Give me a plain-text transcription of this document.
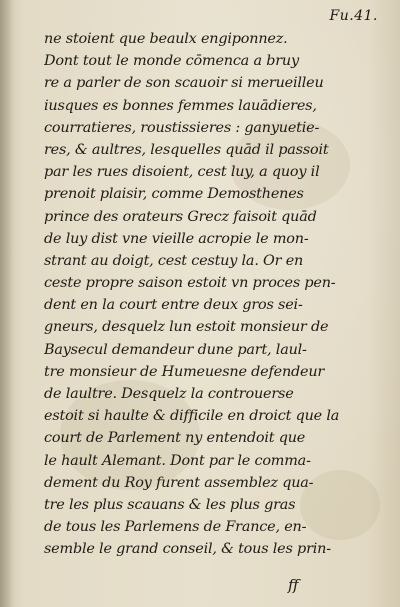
Fu.41.
ne stoient que beaulx engiponnez.
Dont tout le monde cōmenca a bruy
re a parler de son scauoir si merueilleu
iusques es bonnes femmes lauādieres,
courratieres, roustissieres : ganyuetie-
res, & aultres, lesquelles quād il passoit
par les rues disoient, cest luy, a quoy il
prenoit plaisir, comme Demosthenes
prince des orateurs Grecz faisoit quād
de luy dist vne vieille acropie le mon-
strant au doigt, cest cestuy la. Or en
ceste propre saison estoit vn proces pen-
dent en la court entre deux gros sei-
gneurs, desquelz lun estoit monsieur de
Baysecul demandeur dune part, laul-
tre monsieur de Humeuesne defendeur
de laultre. Desquelz la controuerse
estoit si haulte & difficile en droict que la
court de Parlement ny entendoit que
le hault Alemant. Dont par le comma-
dement du Roy furent assemblez qua-
tre les plus scauans & les plus gras
de tous les Parlemens de France, en-
semble le grand conseil, & tous les prin-
ff
